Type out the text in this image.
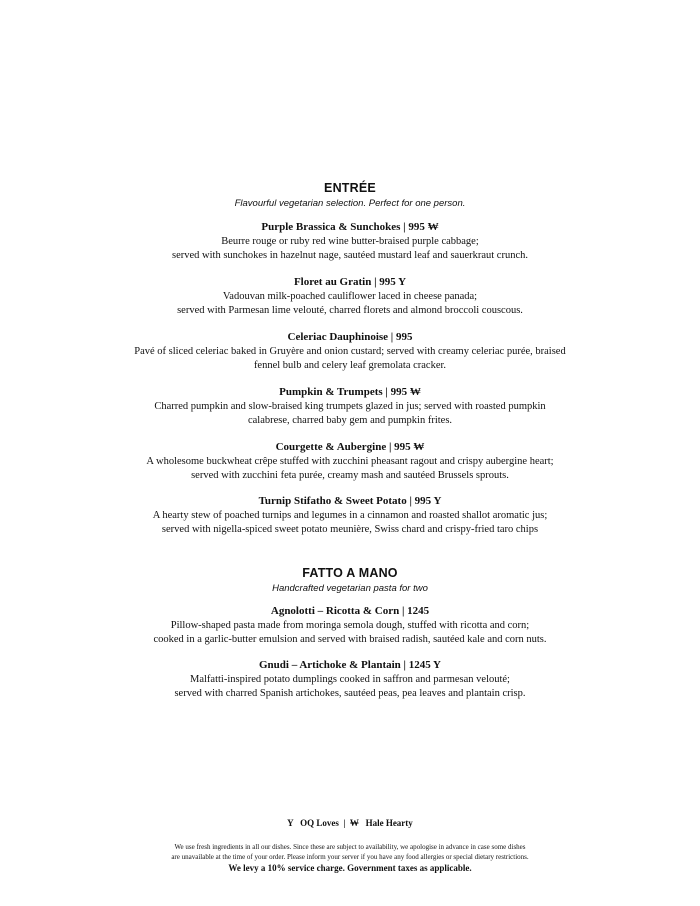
ENTRÉE

Flavourful vegetarian selection. Perfect for one person.

Purple Brassica & Sunchokes | 995 ₩

Beurre rouge or ruby red wine butter-braised purple cabbage;
served with sunchokes in hazelnut nage, sautéed mustard leaf and sauerkraut crunch.

Floret au Gratin | 995 Y

Vadouvan milk-poached cauliflower laced in cheese panada;
served with Parmesan lime velouté, charred florets and almond broccoli couscous.

Celeriac Dauphinoise | 995

Pavé of sliced celeriac baked in Gruyère and onion custard; served with creamy celeriac purée, braised
fennel bulb and celery leaf gremolata cracker.

Pumpkin & Trumpets | 995 ₩

Charred pumpkin and slow-braised king trumpets glazed in jus; served with roasted pumpkin
calabrese, charred baby gem and pumpkin frites.

Courgette & Aubergine | 995 ₩

A wholesome buckwheat crêpe stuffed with zucchini pheasant ragout and crispy aubergine heart;
served with zucchini feta purée, creamy mash and sautéed Brussels sprouts.

Turnip Stifatho & Sweet Potato | 995 Y

A hearty stew of poached turnips and legumes in a cinnamon and roasted shallot aromatic jus;
served with nigella-spiced sweet potato meunière, Swiss chard and crispy-fried taro chips

FATTO A MANO

Handcrafted vegetarian pasta for two

Agnolotti – Ricotta & Corn | 1245

Pillow-shaped pasta made from moringa semola dough, stuffed with ricotta and corn;
cooked in a garlic-butter emulsion and served with braised radish, sautéed kale and corn nuts.

Gnudi – Artichoke & Plantain | 1245 Y

Malfatti-inspired potato dumplings cooked in saffron and parmesan velouté;
served with charred Spanish artichokes, sautéed peas, pea leaves and plantain crisp.

Y   OQ Loves  |  ₩   Hale Hearty
We use fresh ingredients in all our dishes. Since these are subject to availability, we apologise in advance in case some dishes
are unavailable at the time of your order. Please inform your server if you have any food allergies or special dietary restrictions.
We levy a 10% service charge. Government taxes as applicable.
